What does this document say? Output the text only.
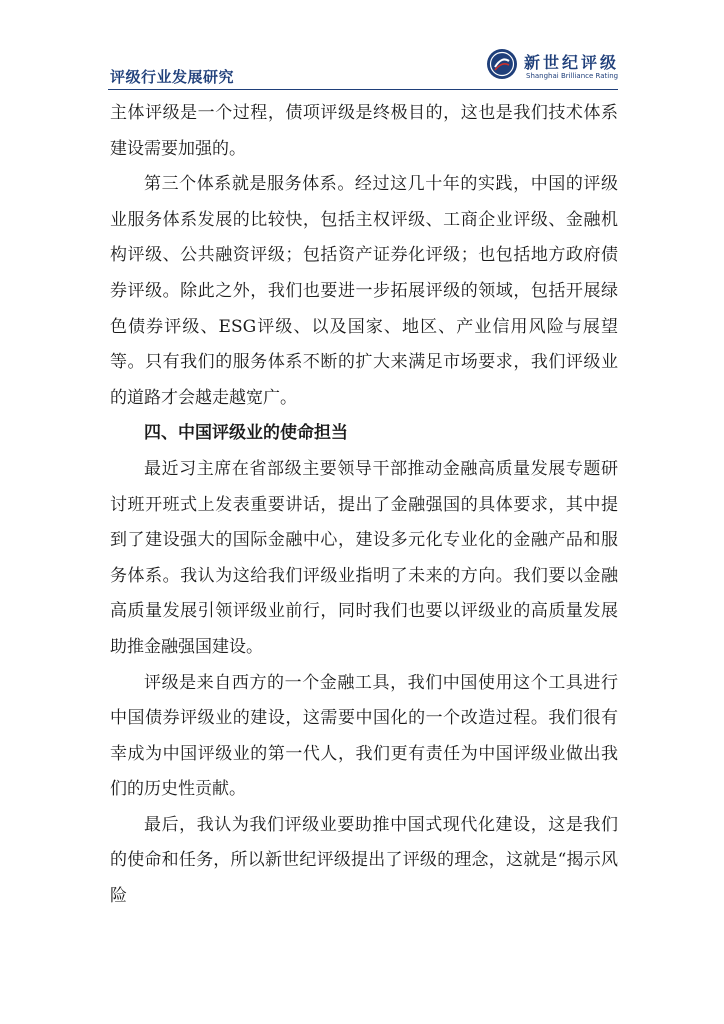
评级行业发展研究
新世纪评级
Shanghai Brilliance Rating

主体评级是一个过程，债项评级是终极目的，这也是我们技术体系建设需要加强的。

第三个体系就是服务体系。经过这几十年的实践，中国的评级业服务体系发展的比较快，包括主权评级、工商企业评级、金融机构评级、公共融资评级；包括资产证券化评级；也包括地方政府债券评级。除此之外，我们也要进一步拓展评级的领域，包括开展绿色债券评级、ESG评级、以及国家、地区、产业信用风险与展望等。只有我们的服务体系不断的扩大来满足市场要求，我们评级业的道路才会越走越宽广。

四、中国评级业的使命担当

最近习主席在省部级主要领导干部推动金融高质量发展专题研讨班开班式上发表重要讲话，提出了金融强国的具体要求，其中提到了建设强大的国际金融中心，建设多元化专业化的金融产品和服务体系。我认为这给我们评级业指明了未来的方向。我们要以金融高质量发展引领评级业前行，同时我们也要以评级业的高质量发展助推金融强国建设。

评级是来自西方的一个金融工具，我们中国使用这个工具进行中国债券评级业的建设，这需要中国化的一个改造过程。我们很有幸成为中国评级业的第一代人，我们更有责任为中国评级业做出我们的历史性贡献。

最后，我认为我们评级业要助推中国式现代化建设，这是我们的使命和任务，所以新世纪评级提出了评级的理念，这就是“揭示风险
